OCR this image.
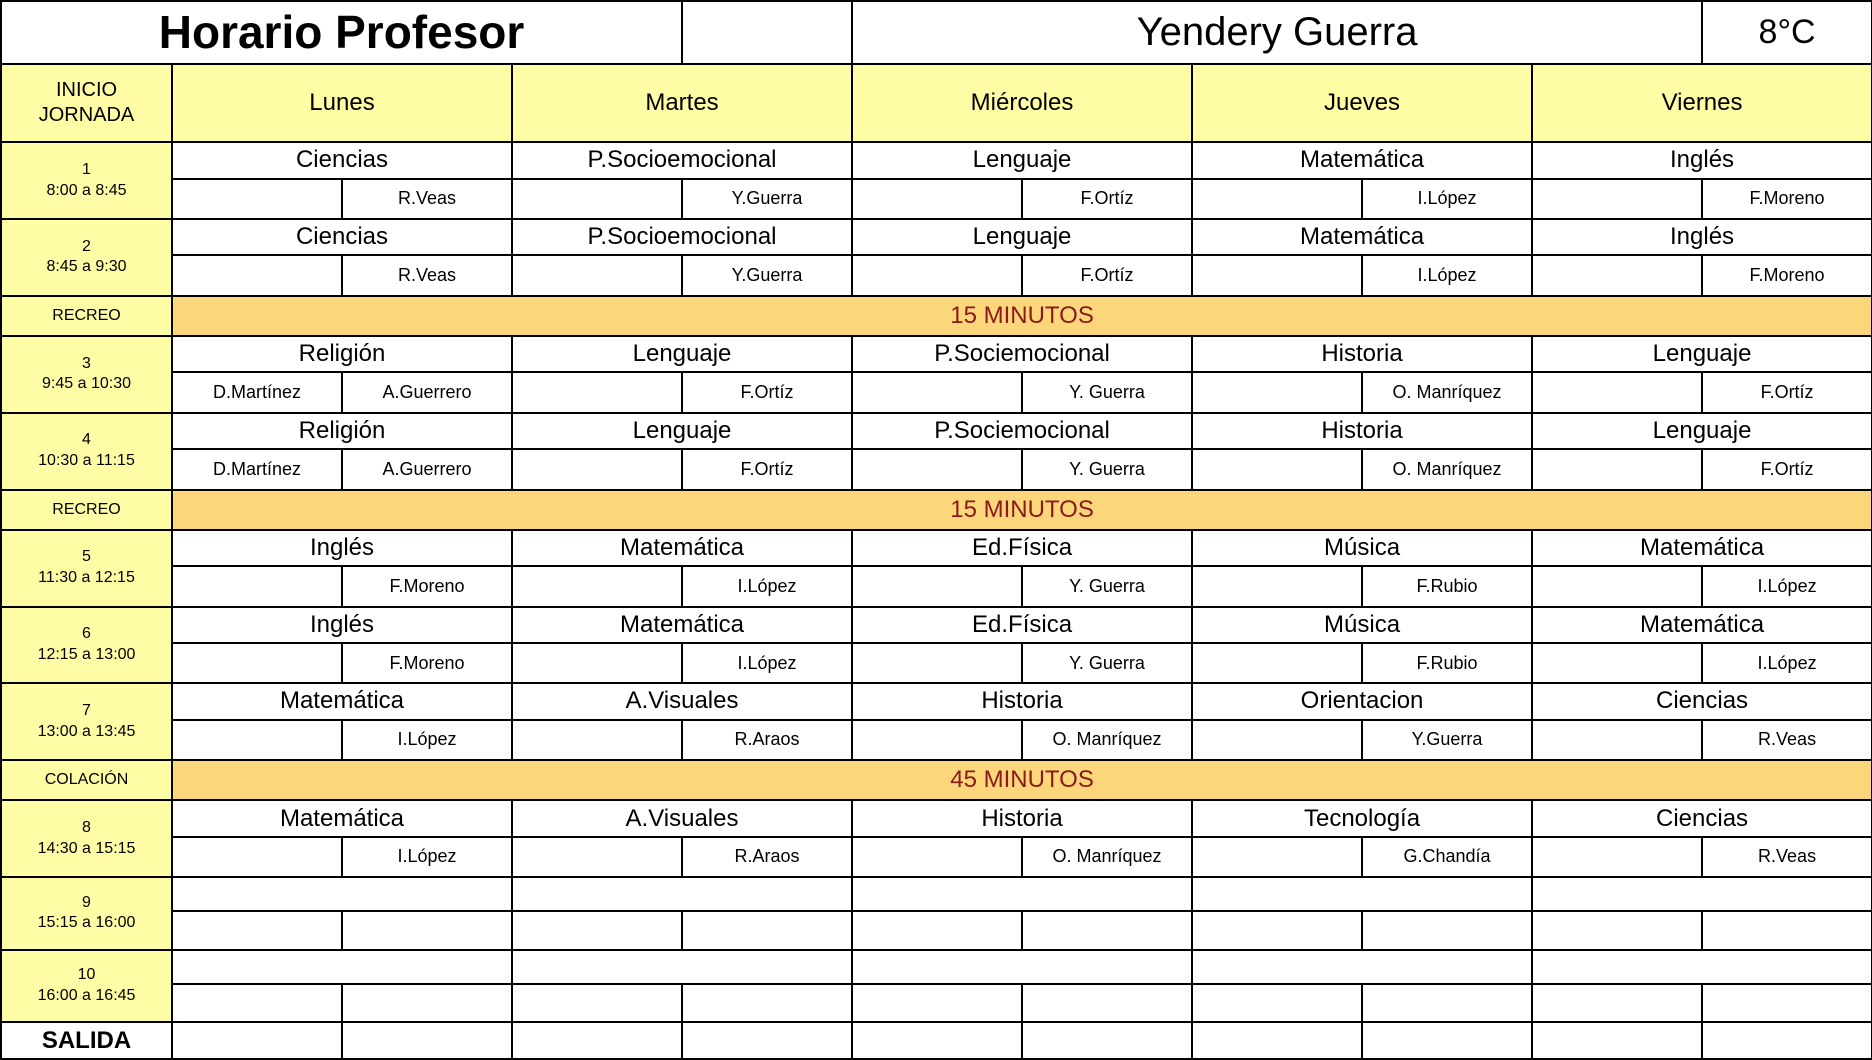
Horario Profesor					Yendery Guerra					8°C
INICIO
JORNADA	Lunes		Martes		Miércoles		Jueves		Viernes	

1
8:00 a 8:45	Ciencias		P.Socioemocional		Lenguaje		Matemática		Inglés	
		R.Veas		Y.Guerra		F.Ortíz		I.López		F.Moreno

2
8:45 a 9:30	Ciencias		P.Socioemocional		Lenguaje		Matemática		Inglés	
		R.Veas		Y.Guerra		F.Ortíz		I.López		F.Moreno
RECREO	15 MINUTOS									

3
9:45 a 10:30	Religión		Lenguaje		P.Sociemocional		Historia		Lenguaje	
	D.Martínez	A.Guerrero		F.Ortíz		Y. Guerra		O. Manríquez		F.Ortíz

4
10:30 a 11:15	Religión		Lenguaje		P.Sociemocional		Historia		Lenguaje	
	D.Martínez	A.Guerrero		F.Ortíz		Y. Guerra		O. Manríquez		F.Ortíz
RECREO	15 MINUTOS									

5
11:30 a 12:15	Inglés		Matemática		Ed.Física		Música		Matemática	
		F.Moreno		I.López		Y. Guerra		F.Rubio		I.López

6
12:15 a 13:00	Inglés		Matemática		Ed.Física		Música		Matemática	
		F.Moreno		I.López		Y. Guerra		F.Rubio		I.López

7
13:00 a 13:45	Matemática		A.Visuales		Historia		Orientacion		Ciencias	
		I.López		R.Araos		O. Manríquez		Y.Guerra		R.Veas
COLACIÓN	45 MINUTOS									

8
14:30 a 15:15	Matemática		A.Visuales		Historia		Tecnología		Ciencias	
		I.López		R.Araos		O. Manríquez		G.Chandía		R.Veas

9
15:15 a 16:00										

10
16:00 a 16:45										

SALIDA										
